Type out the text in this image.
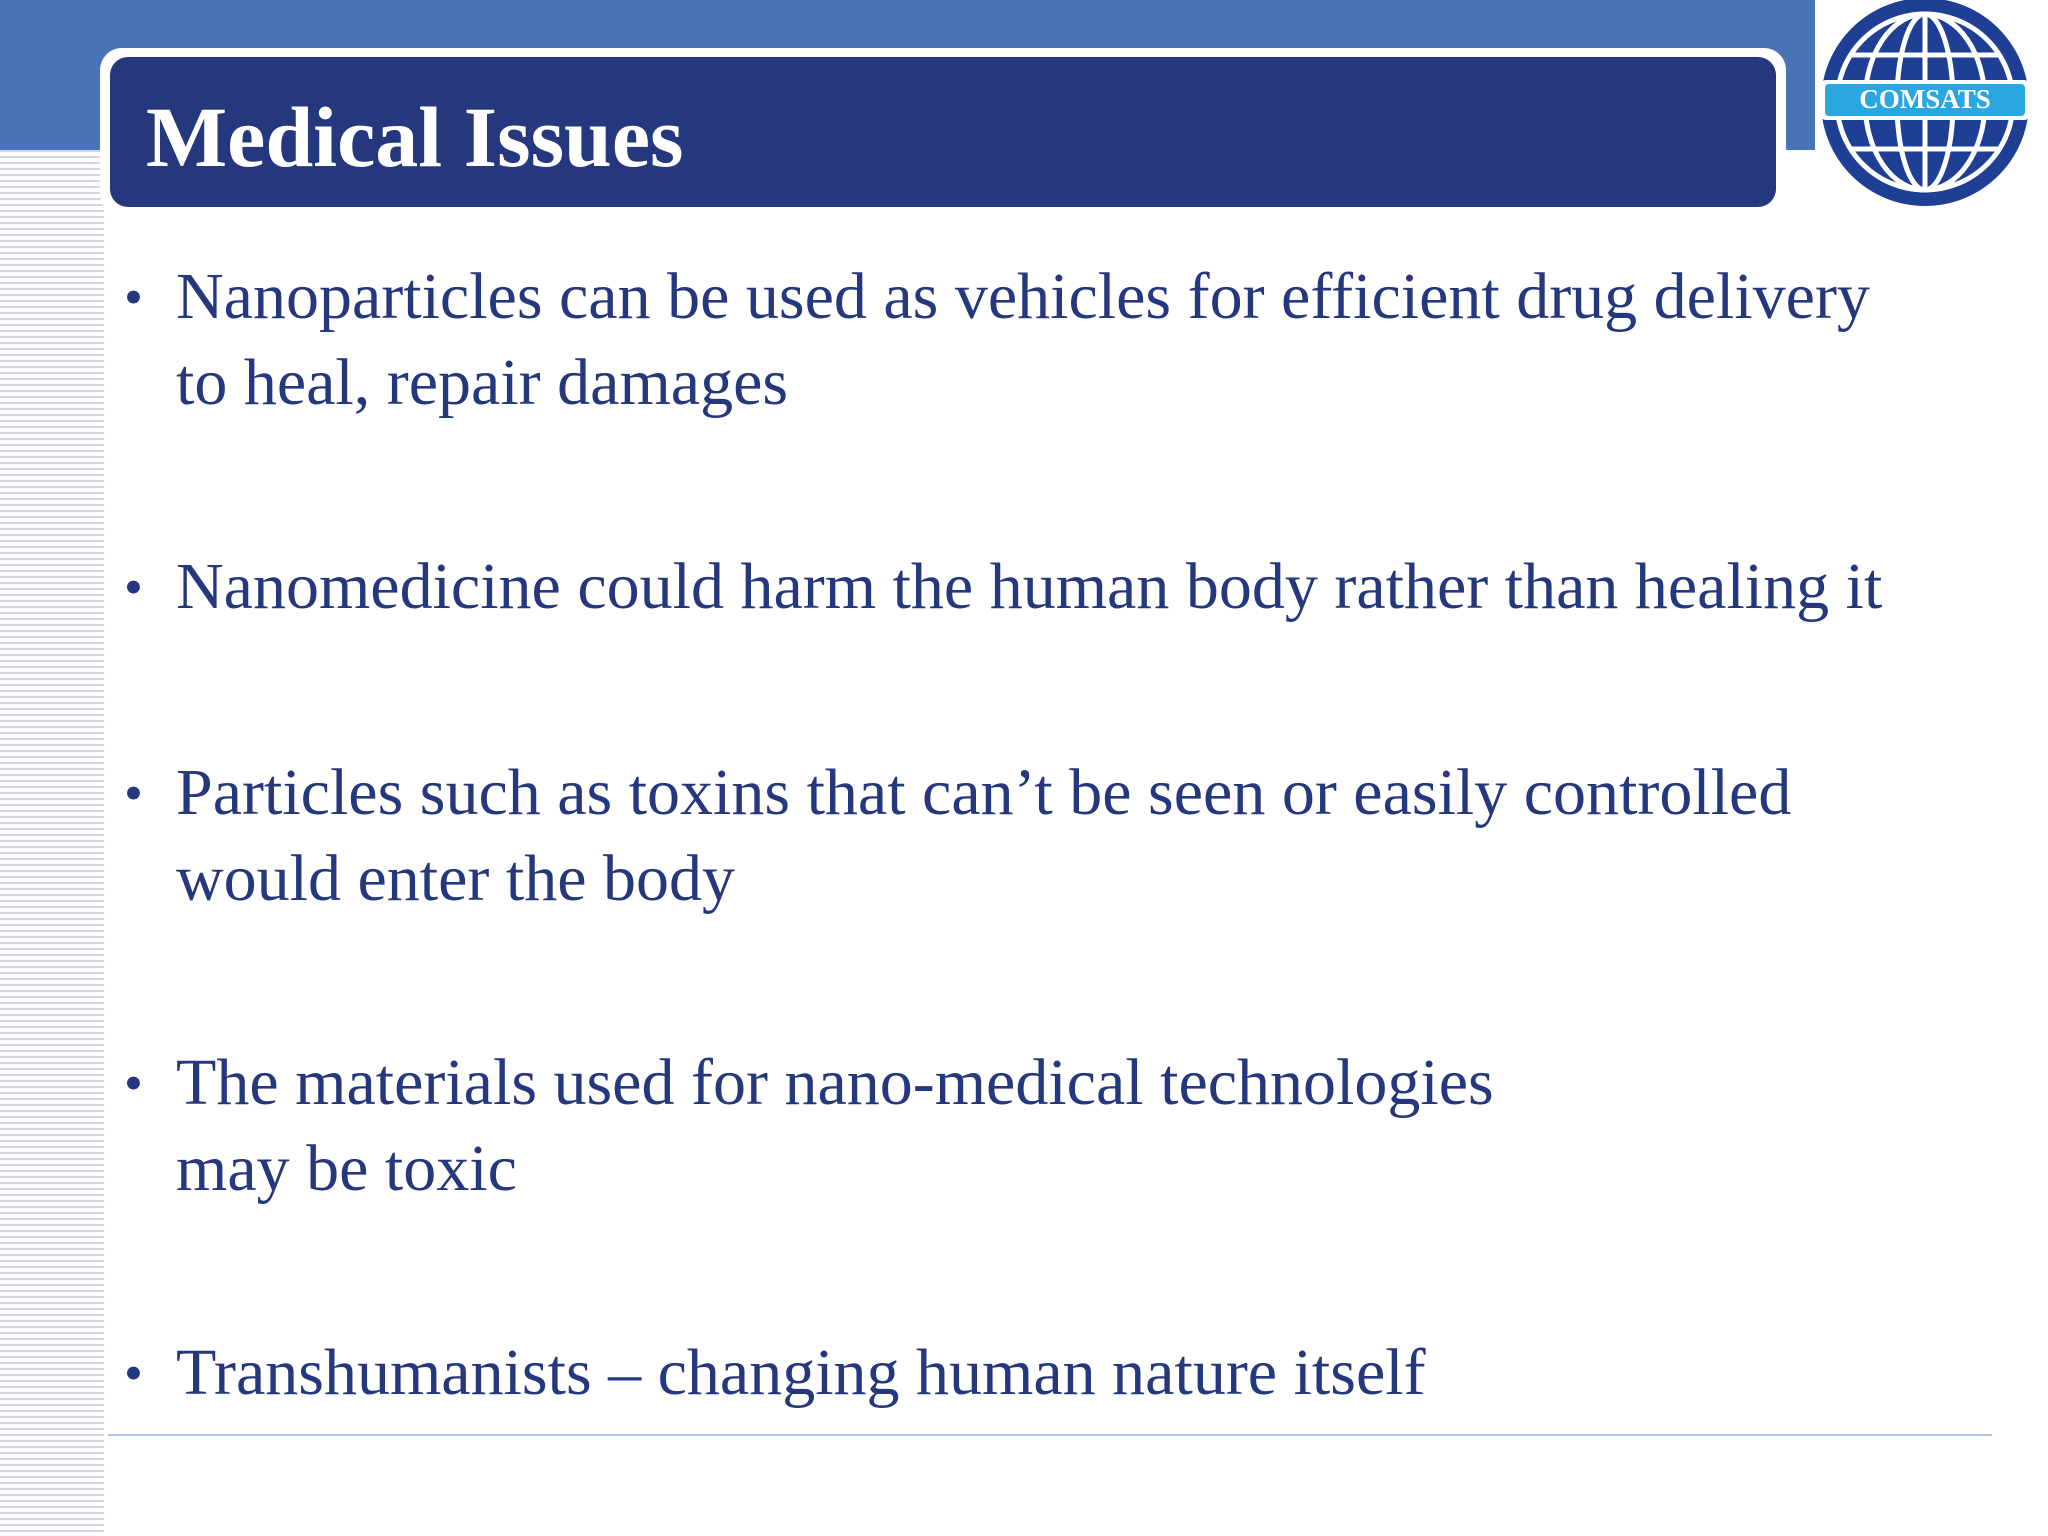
Medical Issues	COMSATS
• Nanoparticles can be used as vehicles for efficient drug delivery
to heal, repair damages
• Nanomedicine could harm the human body rather than healing it
• Particles such as toxins that can’t be seen or easily controlled
would enter the body
• The materials used for nano-medical technologies
may be toxic
• Transhumanists – changing human nature itself
